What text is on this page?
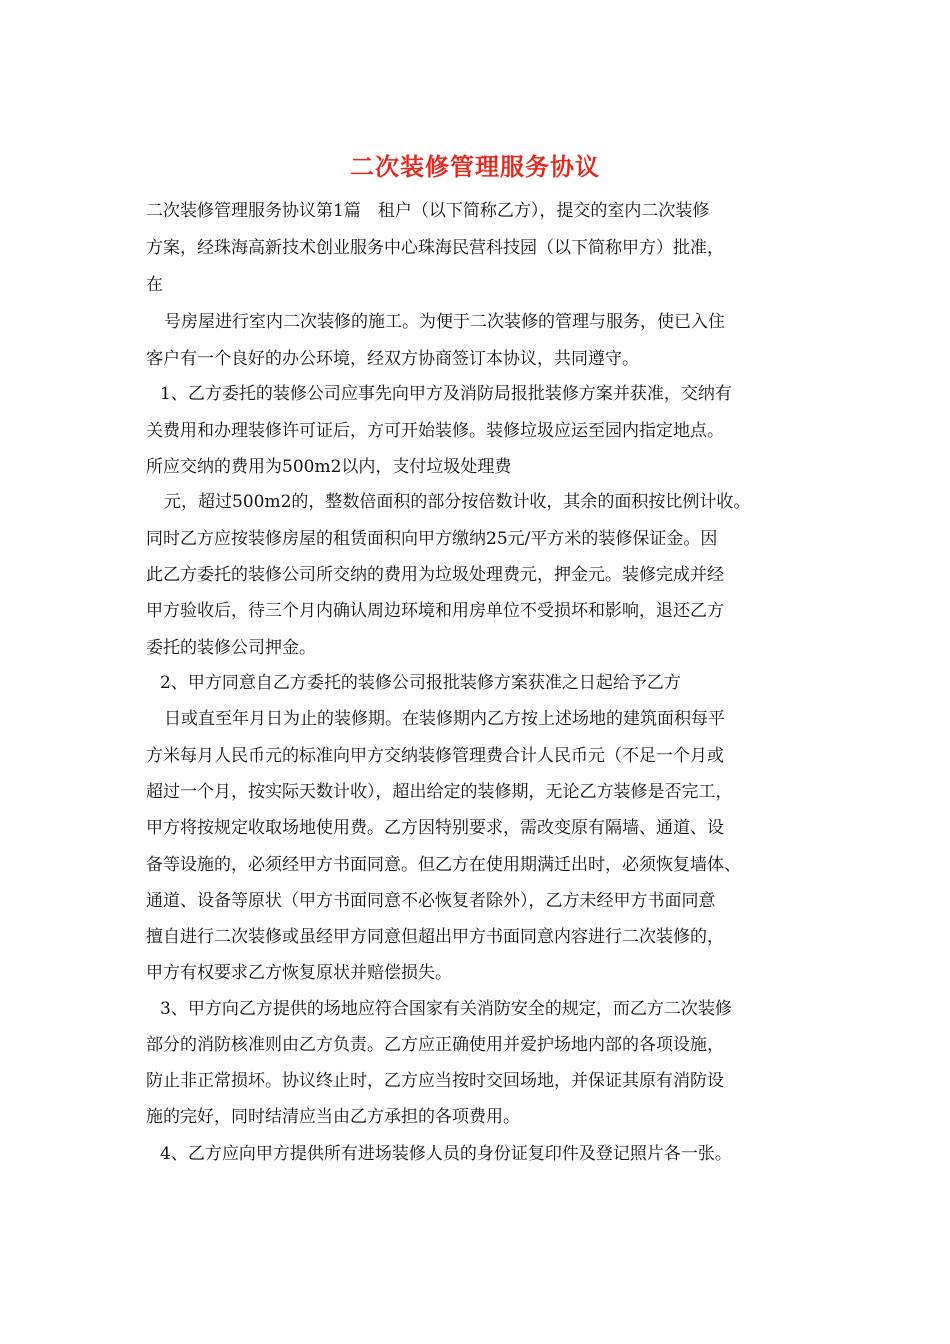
二次装修管理服务协议
二次装修管理服务协议第1篇　租户（以下简称乙方），提交的室内二次装修
方案，经珠海高新技术创业服务中心珠海民营科技园（以下简称甲方）批准，
在
号房屋进行室内二次装修的施工。为便于二次装修的管理与服务，使已入住
客户有一个良好的办公环境，经双方协商签订本协议，共同遵守。
1、乙方委托的装修公司应事先向甲方及消防局报批装修方案并获准，交纳有
关费用和办理装修许可证后，方可开始装修。装修垃圾应运至园内指定地点。
所应交纳的费用为500m2以内，支付垃圾处理费
元，超过500m2的，整数倍面积的部分按倍数计收，其余的面积按比例计收。
同时乙方应按装修房屋的租赁面积向甲方缴纳25元/平方米的装修保证金。因
此乙方委托的装修公司所交纳的费用为垃圾处理费元，押金元。装修完成并经
甲方验收后，待三个月内确认周边环境和用房单位不受损坏和影响，退还乙方
委托的装修公司押金。
2、甲方同意自乙方委托的装修公司报批装修方案获准之日起给予乙方
日或直至年月日为止的装修期。在装修期内乙方按上述场地的建筑面积每平
方米每月人民币元的标准向甲方交纳装修管理费合计人民币元（不足一个月或
超过一个月，按实际天数计收），超出给定的装修期，无论乙方装修是否完工，
甲方将按规定收取场地使用费。乙方因特别要求，需改变原有隔墙、通道、设
备等设施的，必须经甲方书面同意。但乙方在使用期满迁出时，必须恢复墙体、
通道、设备等原状（甲方书面同意不必恢复者除外），乙方未经甲方书面同意
擅自进行二次装修或虽经甲方同意但超出甲方书面同意内容进行二次装修的，
甲方有权要求乙方恢复原状并赔偿损失。
3、甲方向乙方提供的场地应符合国家有关消防安全的规定，而乙方二次装修
部分的消防核准则由乙方负责。乙方应正确使用并爱护场地内部的各项设施，
防止非正常损坏。协议终止时，乙方应当按时交回场地，并保证其原有消防设
施的完好，同时结清应当由乙方承担的各项费用。
4、乙方应向甲方提供所有进场装修人员的身份证复印件及登记照片各一张。
